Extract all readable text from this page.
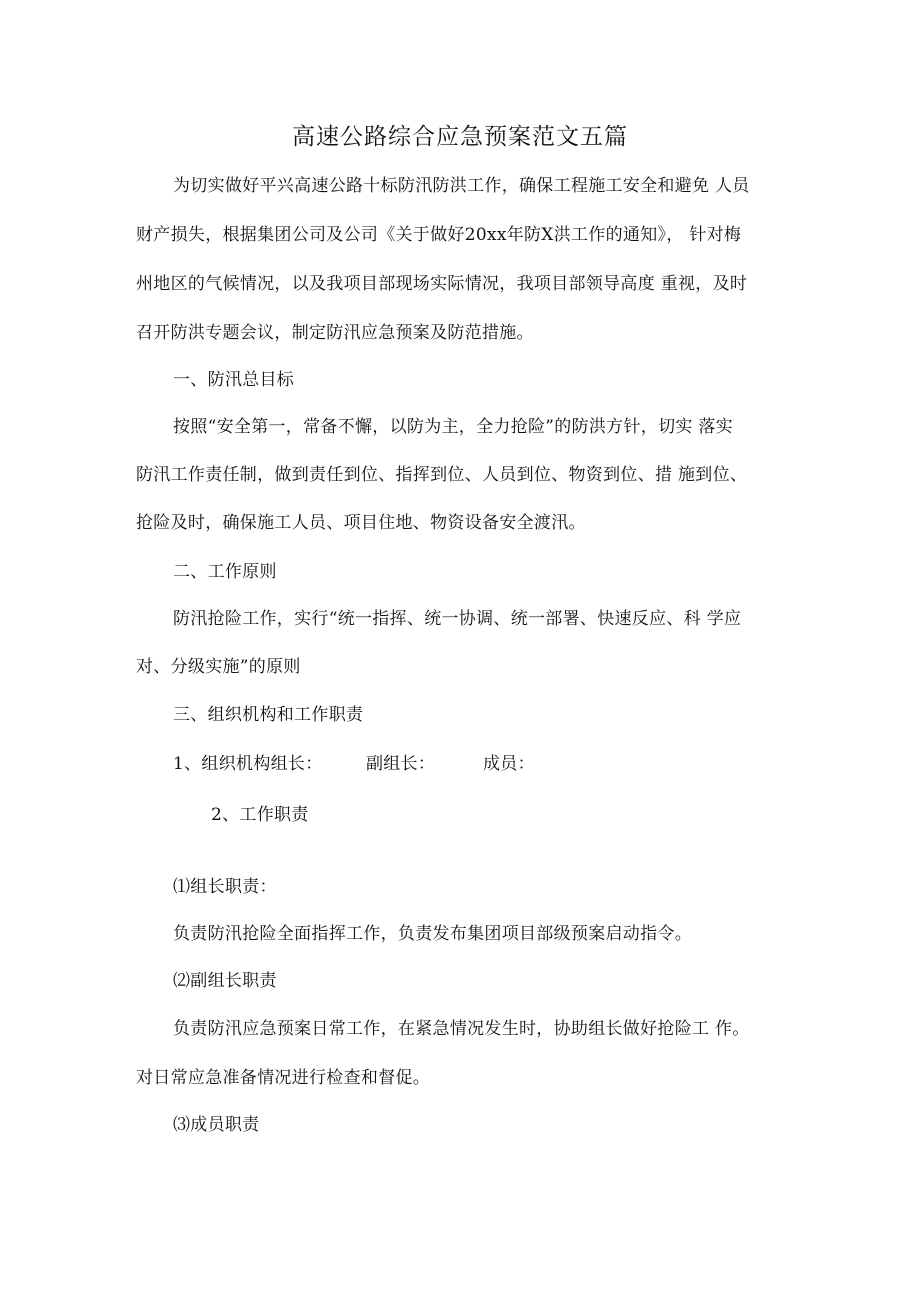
高速公路综合应急预案范文五篇
为切实做好平兴高速公路十标防汛防洪工作，确保工程施工安全和避免 人员
财产损失，根据集团公司及公司《关于做好20xx年防X洪工作的通知》， 针对梅
州地区的气候情况，以及我项目部现场实际情况，我项目部领导高度 重视，及时
召开防洪专题会议，制定防汛应急预案及防范措施。
一、防汛总目标
按照“安全第一，常备不懈，以防为主，全力抢险”的防洪方针，切实 落实
防汛工作责任制，做到责任到位、指挥到位、人员到位、物资到位、措 施到位、
抢险及时，确保施工人员、项目住地、物资设备安全渡汛。
二、工作原则
防汛抢险工作，实行“统一指挥、统一协调、统一部署、快速反应、科 学应
对、分级实施”的原则
三、组织机构和工作职责
1、组织机构组长：	副组长：	成员：
2、工作职责
⑴组长职责：
负责防汛抢险全面指挥工作，负责发布集团项目部级预案启动指令。
⑵副组长职责
负责防汛应急预案日常工作，在紧急情况发生时，协助组长做好抢险工 作。
对日常应急准备情况进行检查和督促。
⑶成员职责
